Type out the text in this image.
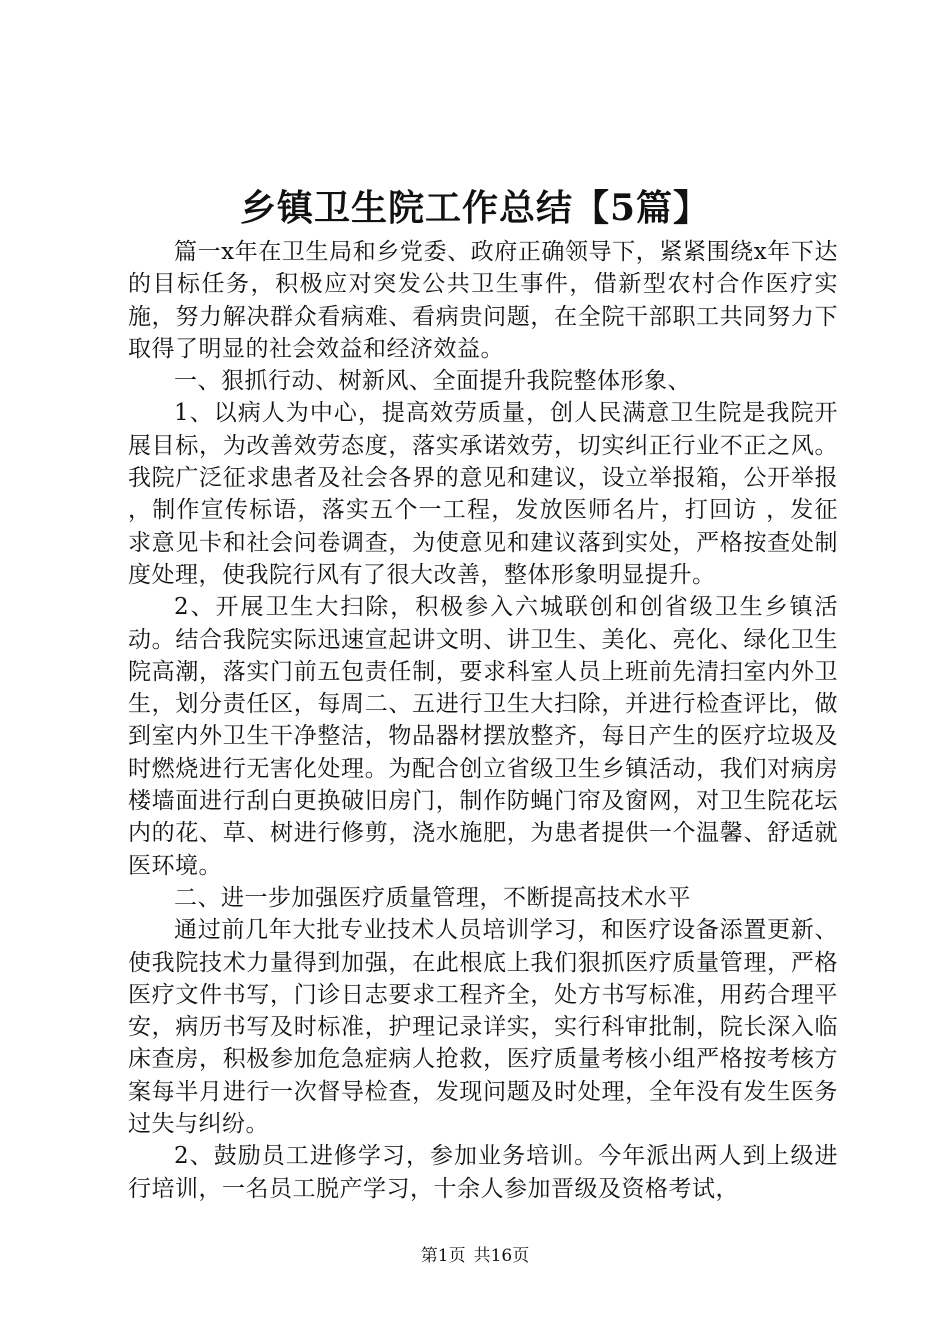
乡镇卫生院工作总结【5篇】

篇一x年在卫生局和乡党委、政府正确领导下，紧紧围绕x年下达的目标任务，积极应对突发公共卫生事件，借新型农村合作医疗实施，努力解决群众看病难、看病贵问题，在全院干部职工共同努力下取得了明显的社会效益和经济效益。

一、狠抓行动、树新风、全面提升我院整体形象、

1、以病人为中心，提高效劳质量，创人民满意卫生院是我院开展目标，为改善效劳态度，落实承诺效劳，切实纠正行业不正之风。我院广泛征求患者及社会各界的意见和建议，设立举报箱，公开举报 ，制作宣传标语，落实五个一工程，发放医师名片，打回访 ，发征求意见卡和社会问卷调查，为使意见和建议落到实处，严格按查处制度处理，使我院行风有了很大改善，整体形象明显提升。

2、开展卫生大扫除，积极参入六城联创和创省级卫生乡镇活动。结合我院实际迅速宣起讲文明、讲卫生、美化、亮化、绿化卫生院高潮，落实门前五包责任制，要求科室人员上班前先清扫室内外卫生，划分责任区，每周二、五进行卫生大扫除，并进行检查评比，做到室内外卫生干净整洁，物品器材摆放整齐，每日产生的医疗垃圾及时燃烧进行无害化处理。为配合创立省级卫生乡镇活动，我们对病房楼墙面进行刮白更换破旧房门，制作防蝇门帘及窗网，对卫生院花坛内的花、草、树进行修剪，浇水施肥，为患者提供一个温馨、舒适就医环境。

二、进一步加强医疗质量管理，不断提高技术水平

通过前几年大批专业技术人员培训学习，和医疗设备添置更新、使我院技术力量得到加强，在此根底上我们狠抓医疗质量管理，严格医疗文件书写，门诊日志要求工程齐全，处方书写标准，用药合理平安，病历书写及时标准，护理记录详实，实行科审批制，院长深入临床查房，积极参加危急症病人抢救，医疗质量考核小组严格按考核方案每半月进行一次督导检查，发现问题及时处理，全年没有发生医务过失与纠纷。

2、鼓励员工进修学习，参加业务培训。今年派出两人到上级进行培训，一名员工脱产学习，十余人参加晋级及资格考试，

第1页 共16页
